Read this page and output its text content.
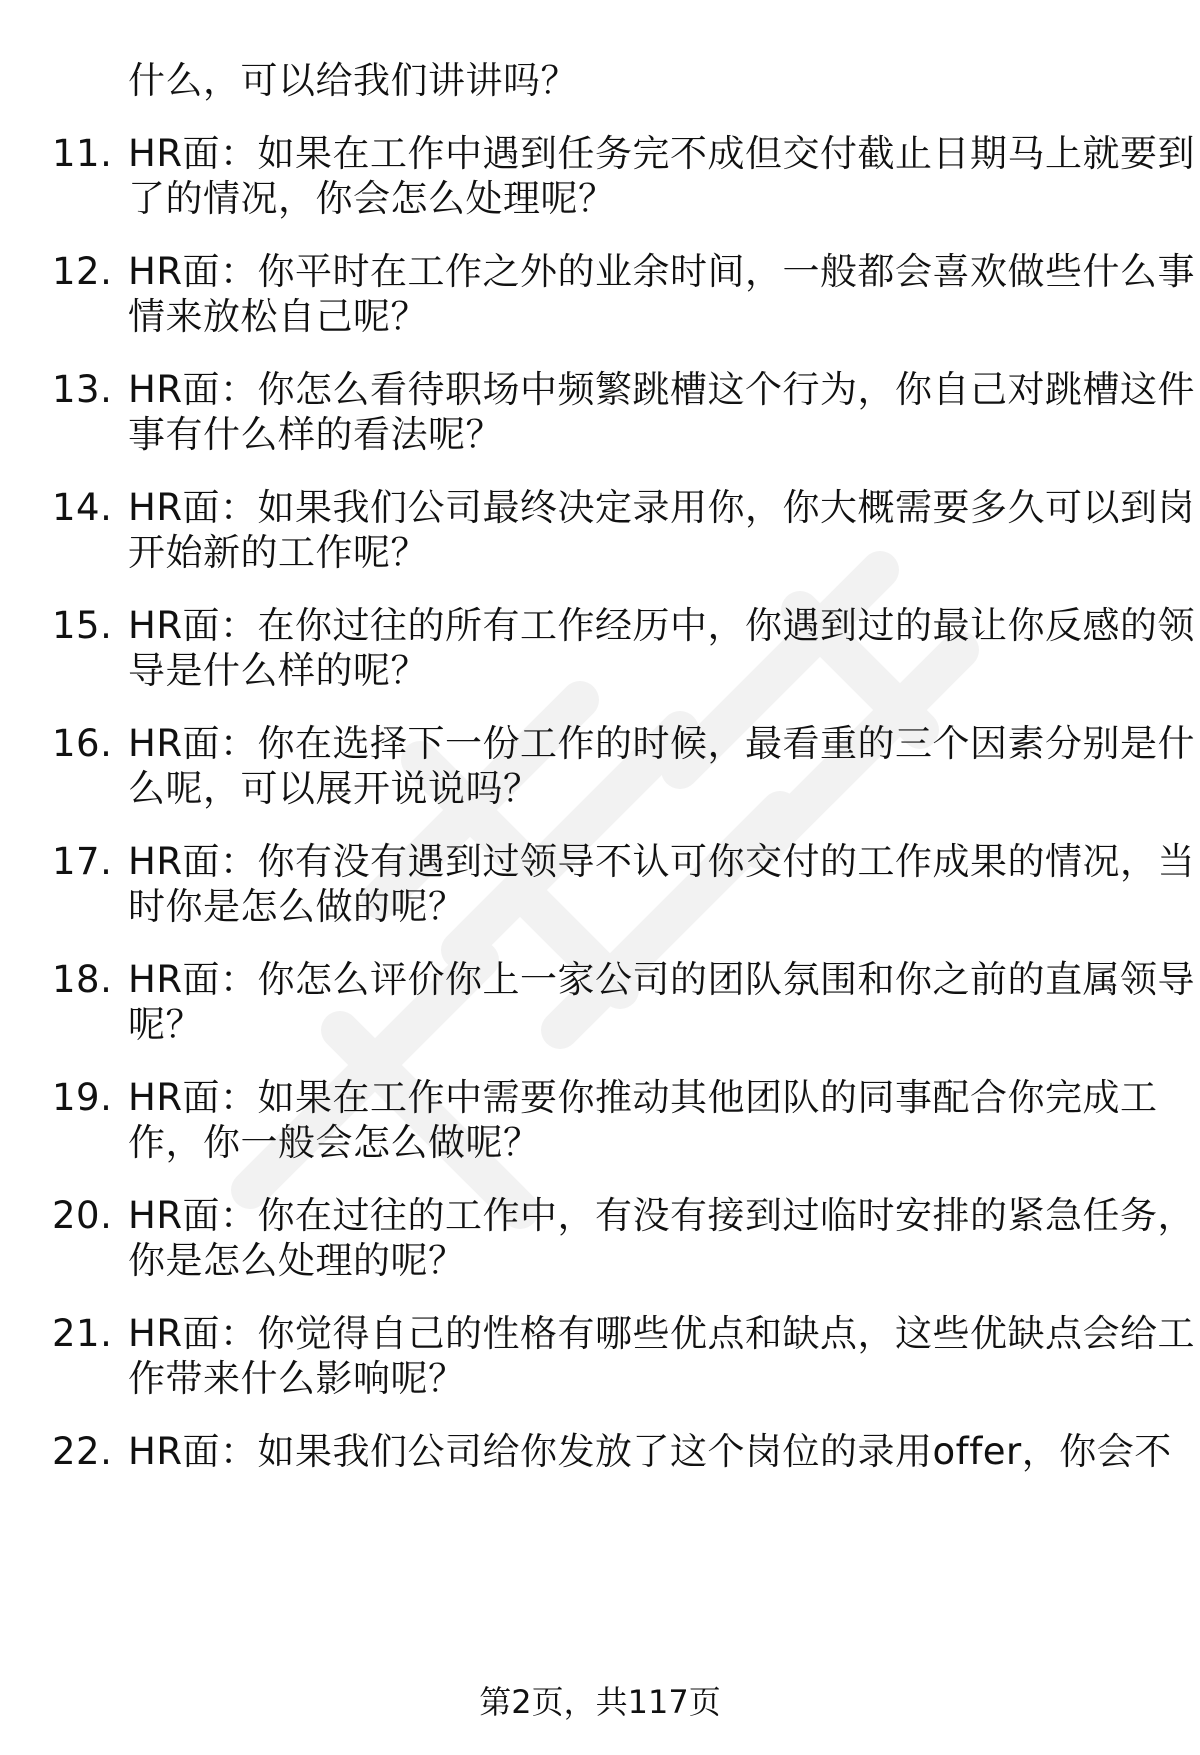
什么，可以给我们讲讲吗？
11. HR面：如果在工作中遇到任务完不成但交付截止日期马上就要到
了的情况，你会怎么处理呢？
12. HR面：你平时在工作之外的业余时间，一般都会喜欢做些什么事
情来放松自己呢？
13. HR面：你怎么看待职场中频繁跳槽这个行为，你自己对跳槽这件
事有什么样的看法呢？
14. HR面：如果我们公司最终决定录用你，你大概需要多久可以到岗
开始新的工作呢？
15. HR面：在你过往的所有工作经历中，你遇到过的最让你反感的领
导是什么样的呢？
16. HR面：你在选择下一份工作的时候，最看重的三个因素分别是什
么呢，可以展开说说吗？
17. HR面：你有没有遇到过领导不认可你交付的工作成果的情况，当
时你是怎么做的呢？
18. HR面：你怎么评价你上一家公司的团队氛围和你之前的直属领导
呢？
19. HR面：如果在工作中需要你推动其他团队的同事配合你完成工
作，你一般会怎么做呢？
20. HR面：你在过往的工作中，有没有接到过临时安排的紧急任务，
你是怎么处理的呢？
21. HR面：你觉得自己的性格有哪些优点和缺点，这些优缺点会给工
作带来什么影响呢？
22. HR面：如果我们公司给你发放了这个岗位的录用offer，你会不
第2页，共117页
